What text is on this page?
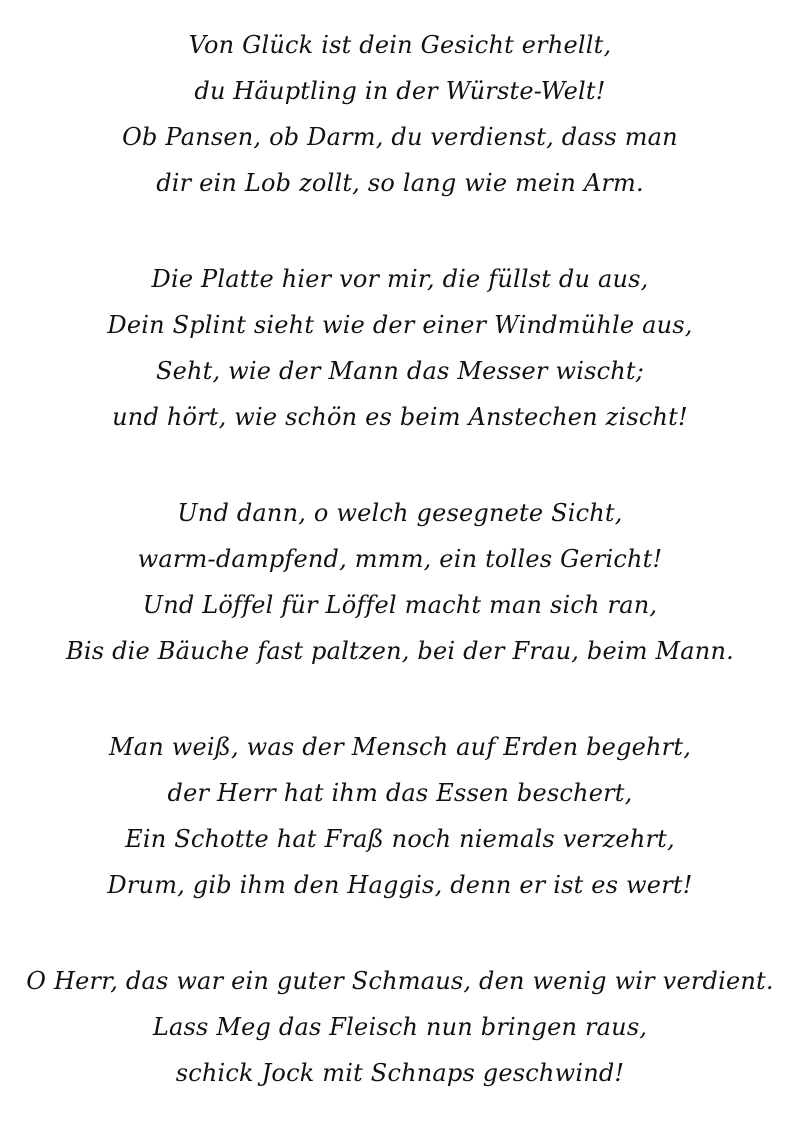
Von Glück ist dein Gesicht erhellt,
du Häuptling in der Würste-Welt!
Ob Pansen, ob Darm, du verdienst, dass man
dir ein Lob zollt, so lang wie mein Arm.
Die Platte hier vor mir, die füllst du aus,
Dein Splint sieht wie der einer Windmühle aus,
Seht, wie der Mann das Messer wischt;
und hört, wie schön es beim Anstechen zischt!
Und dann, o welch gesegnete Sicht,
warm-dampfend, mmm, ein tolles Gericht!
Und Löffel für Löffel macht man sich ran,
Bis die Bäuche fast paltzen, bei der Frau, beim Mann.
Man weiß, was der Mensch auf Erden begehrt,
der Herr hat ihm das Essen beschert,
Ein Schotte hat Fraß noch niemals verzehrt,
Drum, gib ihm den Haggis, denn er ist es wert!
O Herr, das war ein guter Schmaus, den wenig wir verdient.
Lass Meg das Fleisch nun bringen raus,
schick Jock mit Schnaps geschwind!
